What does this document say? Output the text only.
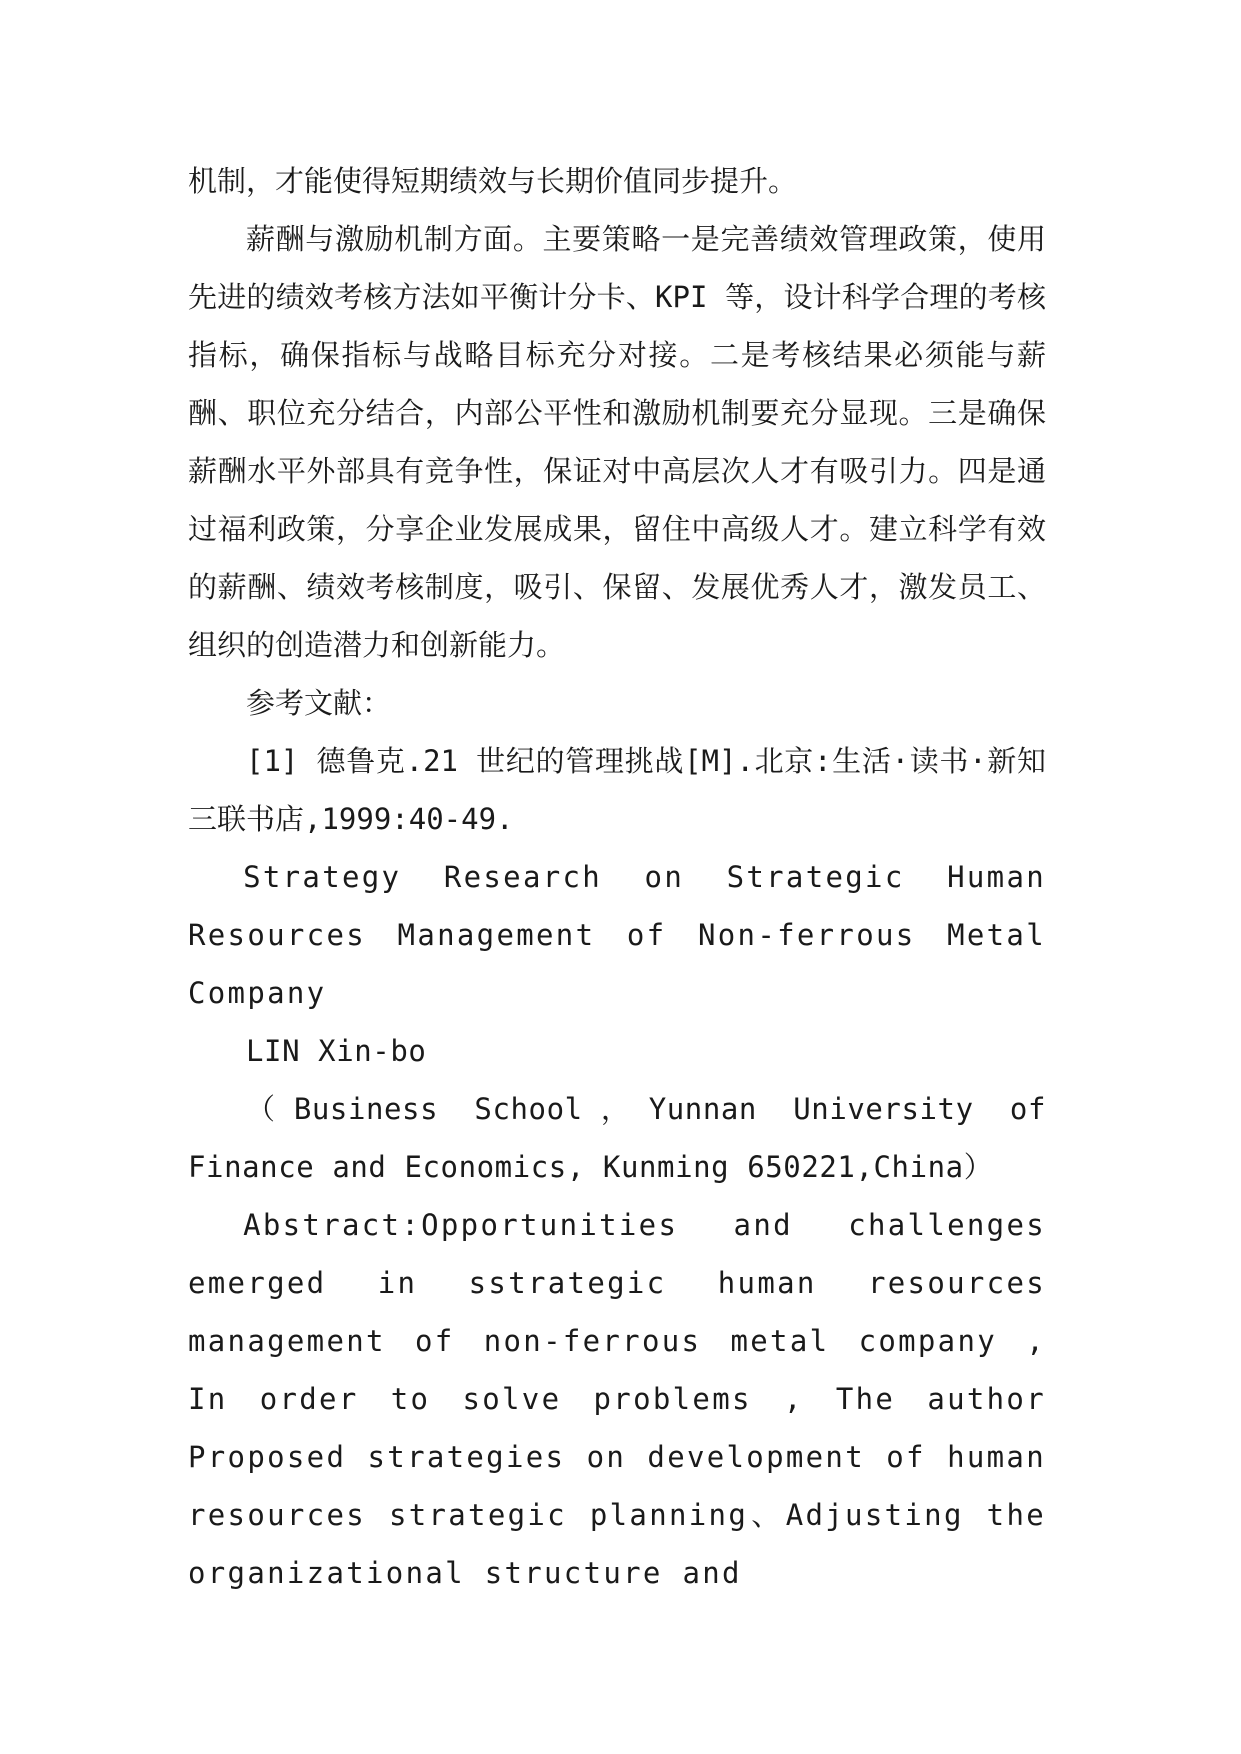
机制，才能使得短期绩效与长期价值同步提升。

薪酬与激励机制方面。主要策略一是完善绩效管理政策，使用先进的绩效考核方法如平衡计分卡、KPI 等，设计科学合理的考核指标，确保指标与战略目标充分对接。二是考核结果必须能与薪酬、职位充分结合，内部公平性和激励机制要充分显现。三是确保薪酬水平外部具有竞争性，保证对中高层次人才有吸引力。四是通过福利政策，分享企业发展成果，留住中高级人才。建立科学有效的薪酬、绩效考核制度，吸引、保留、发展优秀人才，激发员工、组织的创造潜力和创新能力。

参考文献：

[1] 德鲁克.21 世纪的管理挑战[M].北京:生活·读书·新知三联书店,1999:40-49.

Strategy Research on Strategic Human Resources Management of Non-ferrous Metal Company

LIN Xin-bo

（Business School，Yunnan University of Finance and Economics, Kunming 650221,China）

Abstract:Opportunities and challenges emerged in sstrategic human resources management of non-ferrous metal company , In order to solve problems , The author Proposed strategies on development of human resources strategic planning、Adjusting the organizational structure and
